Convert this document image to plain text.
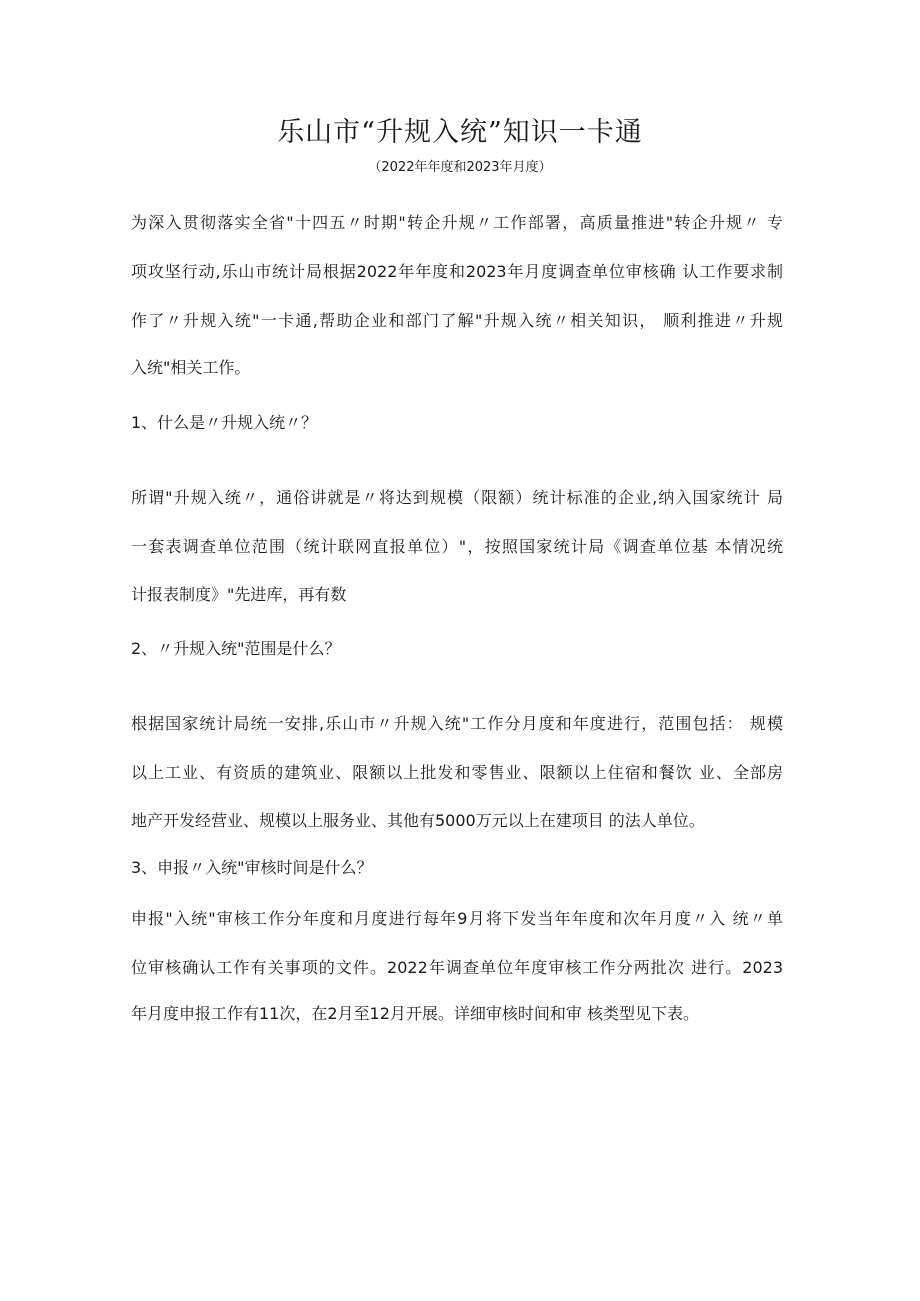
乐山市“升规入统”知识一卡通

（2022年年度和2023年月度）

为深入贯彻落实全省"十四五〃时期"转企升规〃工作部署，高质量推进"转企升规〃 专

项攻坚行动,乐山市统计局根据2022年年度和2023年月度调查单位审核确 认工作要求制

作了〃升规入统"一卡通,帮助企业和部门了解"升规入统〃相关知识， 顺利推进〃升规

入统"相关工作。

1、什么是〃升规入统〃？

所谓"升规入统〃，通俗讲就是〃将达到规模（限额）统计标准的企业,纳入国家统计 局

一套表调查单位范围（统计联网直报单位）"，按照国家统计局《调查单位基 本情况统

计报表制度》"先进库，再有数

2、〃升规入统"范围是什么？

根据国家统计局统一安排,乐山市〃升规入统"工作分月度和年度进行，范围包括： 规模

以上工业、有资质的建筑业、限额以上批发和零售业、限额以上住宿和餐饮 业、全部房

地产开发经营业、规模以上服务业、其他有5000万元以上在建项目 的法人单位。

3、申报〃入统"审核时间是什么？

申报"入统"审核工作分年度和月度进行每年9月将下发当年年度和次年月度〃入 统〃单

位审核确认工作有关事项的文件。2022年调查单位年度审核工作分两批次 进行。2023

年月度申报工作有11次，在2月至12月开展。详细审核时间和审 核类型见下表。
